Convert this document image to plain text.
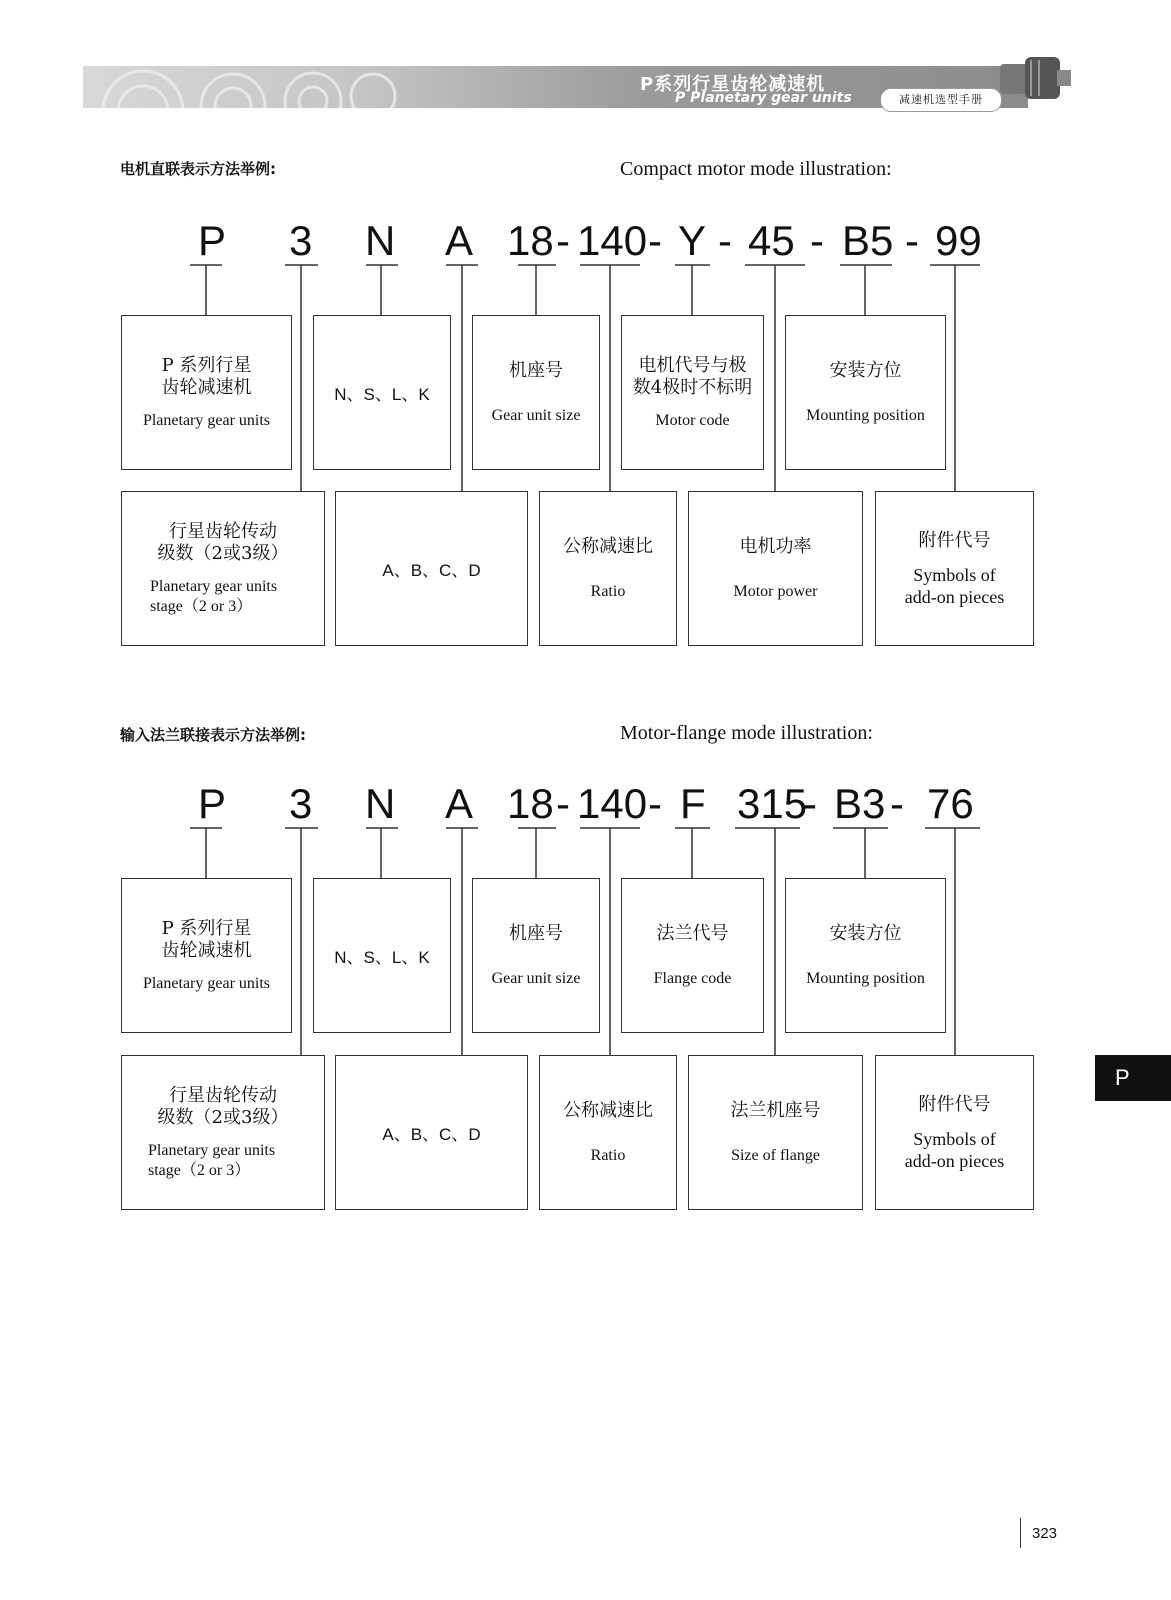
P系列行星齿轮减速机
P Planetary gear units	减速机选型手册
电机直联表示方法举例:	Compact motor mode illustration:
P 3 N A 18 - 140 - Y - 45 - B5 - 99
P 系列行星
齿轮减速机
Planetary gear units
N、S、L、K
机座号
Gear unit size
电机代号与极
数4极时不标明
Motor code
安装方位
Mounting position
行星齿轮传动
级数（2或3级）
Planetary gear units
stage（2 or 3）
A、B、C、D
公称减速比
Ratio
电机功率
Motor power
附件代号
Symbols of
add-on pieces
输入法兰联接表示方法举例:	Motor-flange mode illustration:
P 3 N A 18 - 140 - F 315
- B3 - 76
P 系列行星
齿轮减速机
Planetary gear units
N、S、L、K
机座号
Gear unit size
法兰代号
Flange code
安装方位
Mounting position
行星齿轮传动
级数（2或3级）
Planetary gear units
stage（2 or 3）
A、B、C、D
公称减速比
Ratio
法兰机座号
Size of flange
附件代号
Symbols of
add-on pieces
P
323
